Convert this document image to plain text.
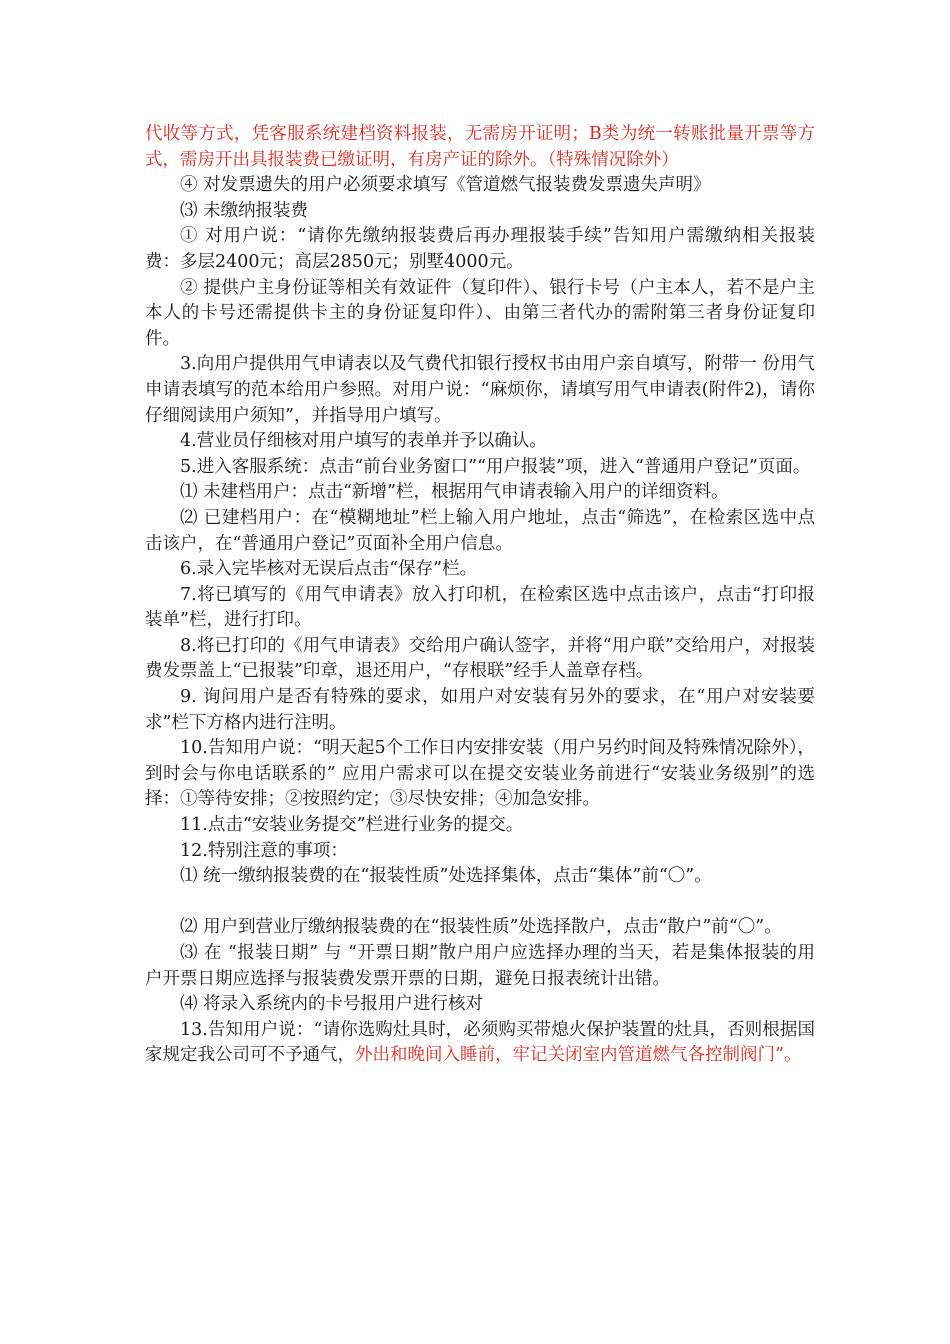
代收等方式，凭客服系统建档资料报装，无需房开证明；B类为统一转账批量开票等方式，需房开出具报装费已缴证明，有房产证的除外。（特殊情况除外）

④ 对发票遗失的用户必须要求填写《管道燃气报装费发票遗失声明》

⑶ 未缴纳报装费

① 对用户说：“请你先缴纳报装费后再办理报装手续”告知用户需缴纳相关报装费：多层2400元；高层2850元；别墅4000元。

② 提供户主身份证等相关有效证件（复印件）、银行卡号（户主本人，若不是户主本人的卡号还需提供卡主的身份证复印件）、由第三者代办的需附第三者身份证复印件。

3.向用户提供用气申请表以及气费代扣银行授权书由用户亲自填写，附带一 份用气申请表填写的范本给用户参照。对用户说：“麻烦你，请填写用气申请表(附件2)，请你仔细阅读用户须知”，并指导用户填写。

4.营业员仔细核对用户填写的表单并予以确认。

5.进入客服系统：点击“前台业务窗口”“用户报装”项，进入“普通用户登记”页面。

⑴ 未建档用户：点击“新增”栏，根据用气申请表输入用户的详细资料。

⑵ 已建档用户：在“模糊地址”栏上输入用户地址，点击“筛选”，在检索区选中点击该户，在“普通用户登记”页面补全用户信息。

6.录入完毕核对无误后点击“保存”栏。

7.将已填写的《用气申请表》放入打印机，在检索区选中点击该户，点击“打印报装单”栏，进行打印。

8.将已打印的《用气申请表》交给用户确认签字，并将“用户联”交给用户，对报装费发票盖上“已报装”印章，退还用户，“存根联”经手人盖章存档。

9. 询问用户是否有特殊的要求，如用户对安装有另外的要求，在“用户对安装要求”栏下方格内进行注明。

10.告知用户说：“明天起5个工作日内安排安装（用户另约时间及特殊情况除外），到时会与你电话联系的” 应用户需求可以在提交安装业务前进行“安装业务级别”的选择：①等待安排；②按照约定；③尽快安排；④加急安排。

11.点击“安装业务提交”栏进行业务的提交。

12.特别注意的事项：

⑴ 统一缴纳报装费的在“报装性质”处选择集体，点击“集体”前“〇”。

⑵ 用户到营业厅缴纳报装费的在“报装性质”处选择散户，点击“散户”前“〇”。

⑶ 在 “报装日期” 与 “开票日期”散户用户应选择办理的当天，若是集体报装的用户开票日期应选择与报装费发票开票的日期，避免日报表统计出错。

⑷ 将录入系统内的卡号报用户进行核对

13.告知用户说：“请你选购灶具时，必须购买带熄火保护装置的灶具，否则根据国家规定我公司可不予通气，外出和晚间入睡前，牢记关闭室内管道燃气各控制阀门”。
